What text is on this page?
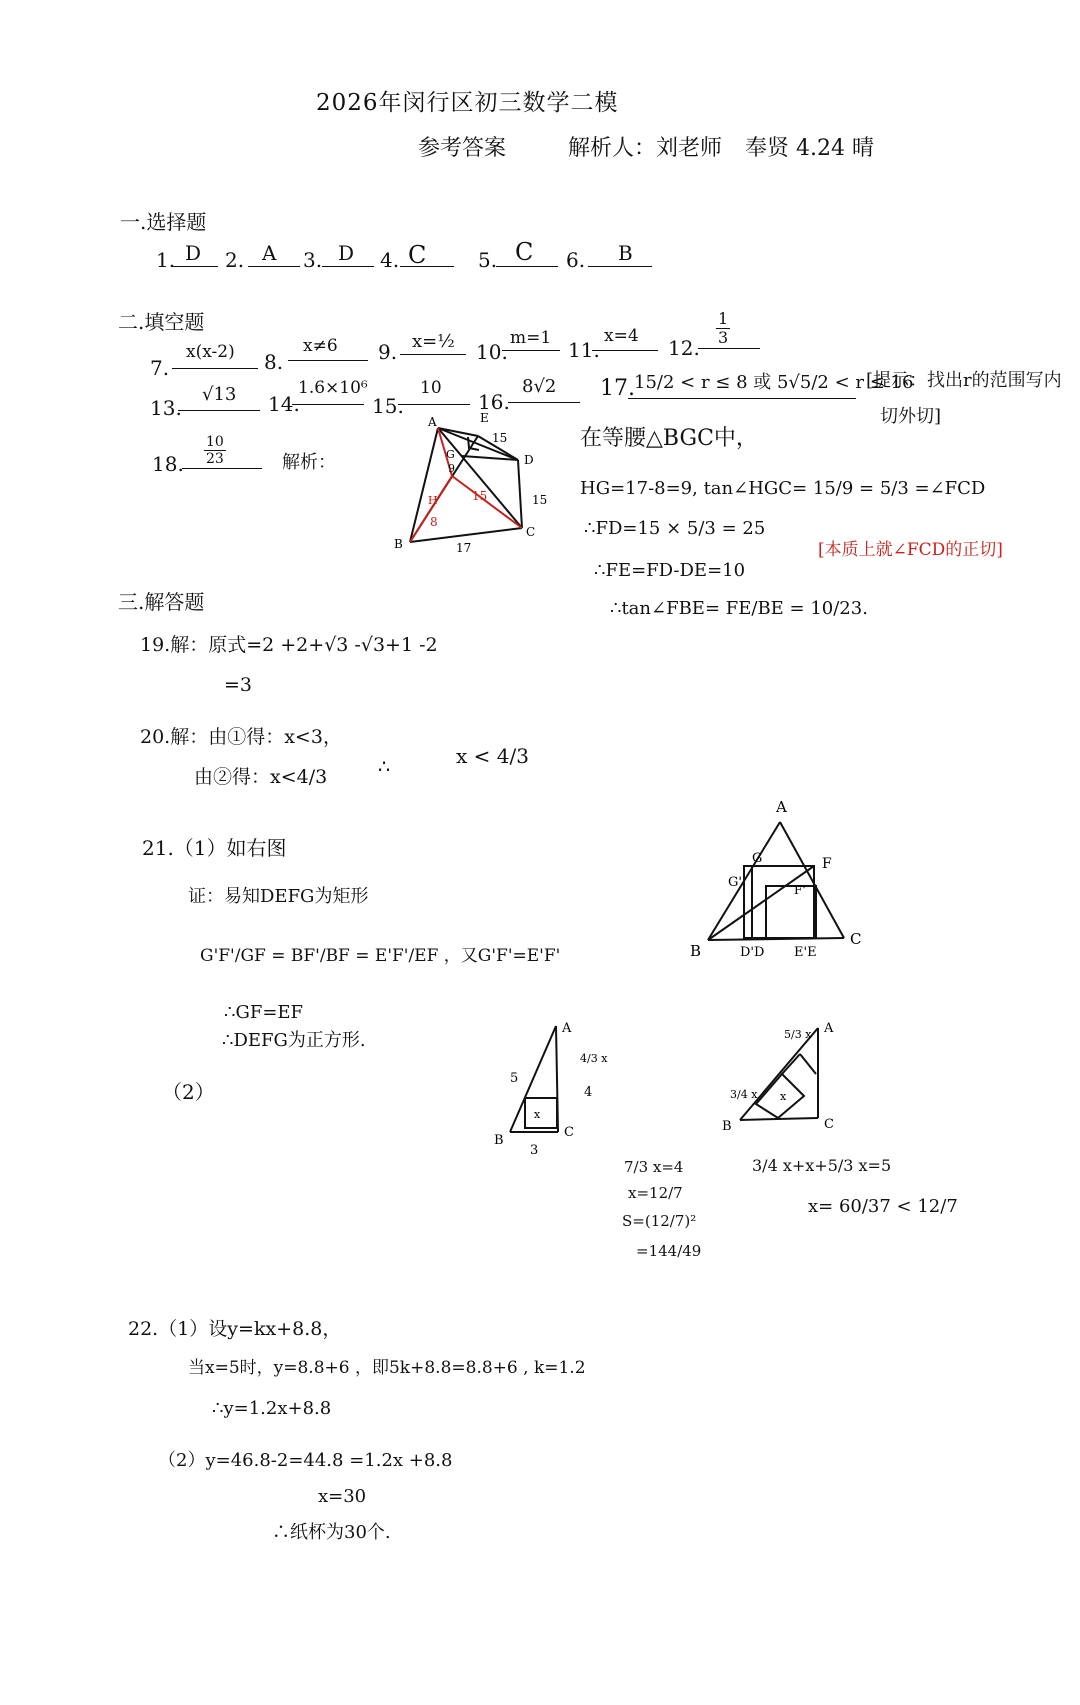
2026年闵行区初三数学二模
参考答案	解析人：刘老师 奉贤 4.24 晴
一.选择题
1. D 2. A 3. D 4. C	5. C 6. B
二.填空题
7.
x(x-2) 8.
x≠6 9. x=½ 10.
m=1 11.
x=4 12.
$\frac{1}{3}$
13.
√13 14.
1.6×10⁶
15.
10
16.
8√2 17. 15/2 < r ≤ 8 或 5√5/2 < r ≤ 16
[提示：找出r的范围写内
切外切]
18. $\frac{10}{23}$	解析：
A	E
D
B
C
G
9
15
15
15
H
8
17
在等腰△BGC中，
HG=17-8=9, tan∠HGC= 15/9 = 5/3 =∠FCD
∴FD=15 × 5/3 = 25
∴FE=FD-DE=10
∴tan∠FBE= FE/BE = 10/23.
[本质上就∠FCD的正切]
三.解答题
19.解：原式=2 +2+√3 -√3+1 -2
=3
20.解：由①得：x<3，
由②得：x<4/3	∴	x < 4/3
21.（1）如右图
证：易知DEFG为矩形
G'F'/GF = BF'/BF = E'F'/EF ，又G'F'=E'F'
∴GF=EF
∴DEFG为正方形.
（2）
A
G
G'
F
F'
B
C
D'D E'E
A
B
C
5
3
4
4/3 x
x
7/3 x=4
x=12/7
S=(12/7)²
=144/49
A
B	C
5/3 x
3/4 x x
3/4 x+x+5/3 x=5
x= 60/37 < 12/7
22.（1）设y=kx+8.8，
当x=5时，y=8.8+6 ，即5k+8.8=8.8+6 , k=1.2
∴y=1.2x+8.8
（2）y=46.8-2=44.8 =1.2x +8.8
x=30
∴纸杯为30个.
